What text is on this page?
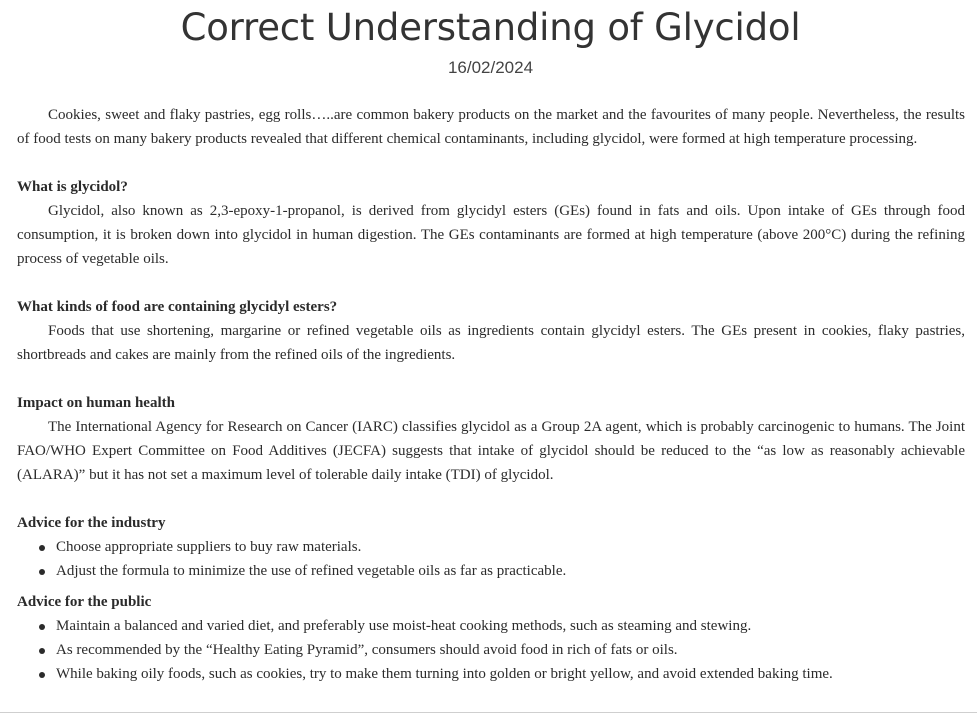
Correct Understanding of Glycidol
16/02/2024

Cookies, sweet and flaky pastries, egg rolls…..are common bakery products on the market and the favourites of many people. Nevertheless, the results of food tests on many bakery products revealed that different chemical contaminants, including glycidol, were formed at high temperature processing.

What is glycidol?

Glycidol, also known as 2,3-epoxy-1-propanol, is derived from glycidyl esters (GEs) found in fats and oils. Upon intake of GEs through food consumption, it is broken down into glycidol in human digestion. The GEs contaminants are formed at high temperature (above 200°C) during the refining process of vegetable oils.

What kinds of food are containing glycidyl esters?

Foods that use shortening, margarine or refined vegetable oils as ingredients contain glycidyl esters. The GEs present in cookies, flaky pastries, shortbreads and cakes are mainly from the refined oils of the ingredients.

Impact on human health

The International Agency for Research on Cancer (IARC) classifies glycidol as a Group 2A agent, which is probably carcinogenic to humans. The Joint FAO/WHO Expert Committee on Food Additives (JECFA) suggests that intake of glycidol should be reduced to the “as low as reasonably achievable (ALARA)” but it has not set a maximum level of tolerable daily intake (TDI) of glycidol.

Advice for the industry

Choose appropriate suppliers to buy raw materials.
Adjust the formula to minimize the use of refined vegetable oils as far as practicable.

Advice for the public

Maintain a balanced and varied diet, and preferably use moist-heat cooking methods, such as steaming and stewing.
As recommended by the “Healthy Eating Pyramid”, consumers should avoid food in rich of fats or oils.
While baking oily foods, such as cookies, try to make them turning into golden or bright yellow, and avoid extended baking time.
